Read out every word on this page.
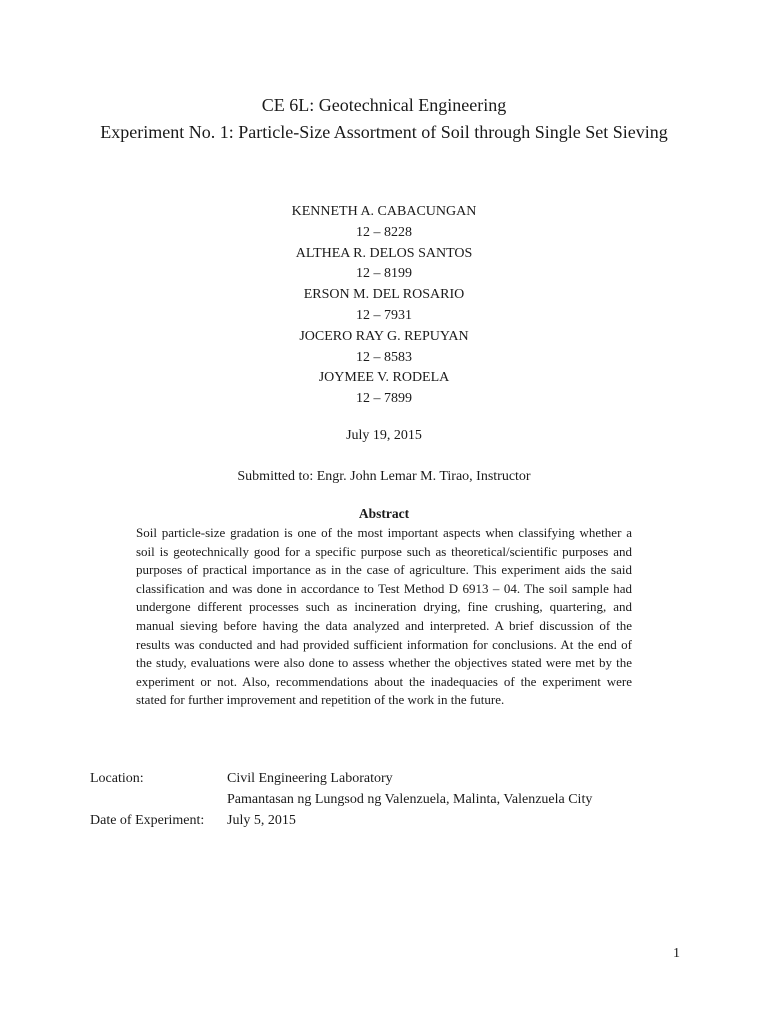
CE 6L: Geotechnical Engineering
Experiment No. 1: Particle-Size Assortment of Soil through Single Set Sieving
KENNETH A. CABACUNGAN
12 – 8228
ALTHEA R. DELOS SANTOS
12 – 8199
ERSON M. DEL ROSARIO
12 – 7931
JOCERO RAY G. REPUYAN
12 – 8583
JOYMEE V. RODELA
12 – 7899
July 19, 2015
Submitted to: Engr. John Lemar M. Tirao, Instructor
Abstract
Soil particle-size gradation is one of the most important aspects when classifying whether a soil is geotechnically good for a specific purpose such as theoretical/scientific purposes and purposes of practical importance as in the case of agriculture. This experiment aids the said classification and was done in accordance to Test Method D 6913 – 04. The soil sample had undergone different processes such as incineration drying, fine crushing, quartering, and manual sieving before having the data analyzed and interpreted. A brief discussion of the results was conducted and had provided sufficient information for conclusions. At the end of the study, evaluations were also done to assess whether the objectives stated were met by the experiment or not. Also, recommendations about the inadequacies of the experiment were stated for further improvement and repetition of the work in the future.
Location:	Civil Engineering Laboratory
	Pamantasan ng Lungsod ng Valenzuela, Malinta, Valenzuela City
Date of Experiment:	July 5, 2015
1
